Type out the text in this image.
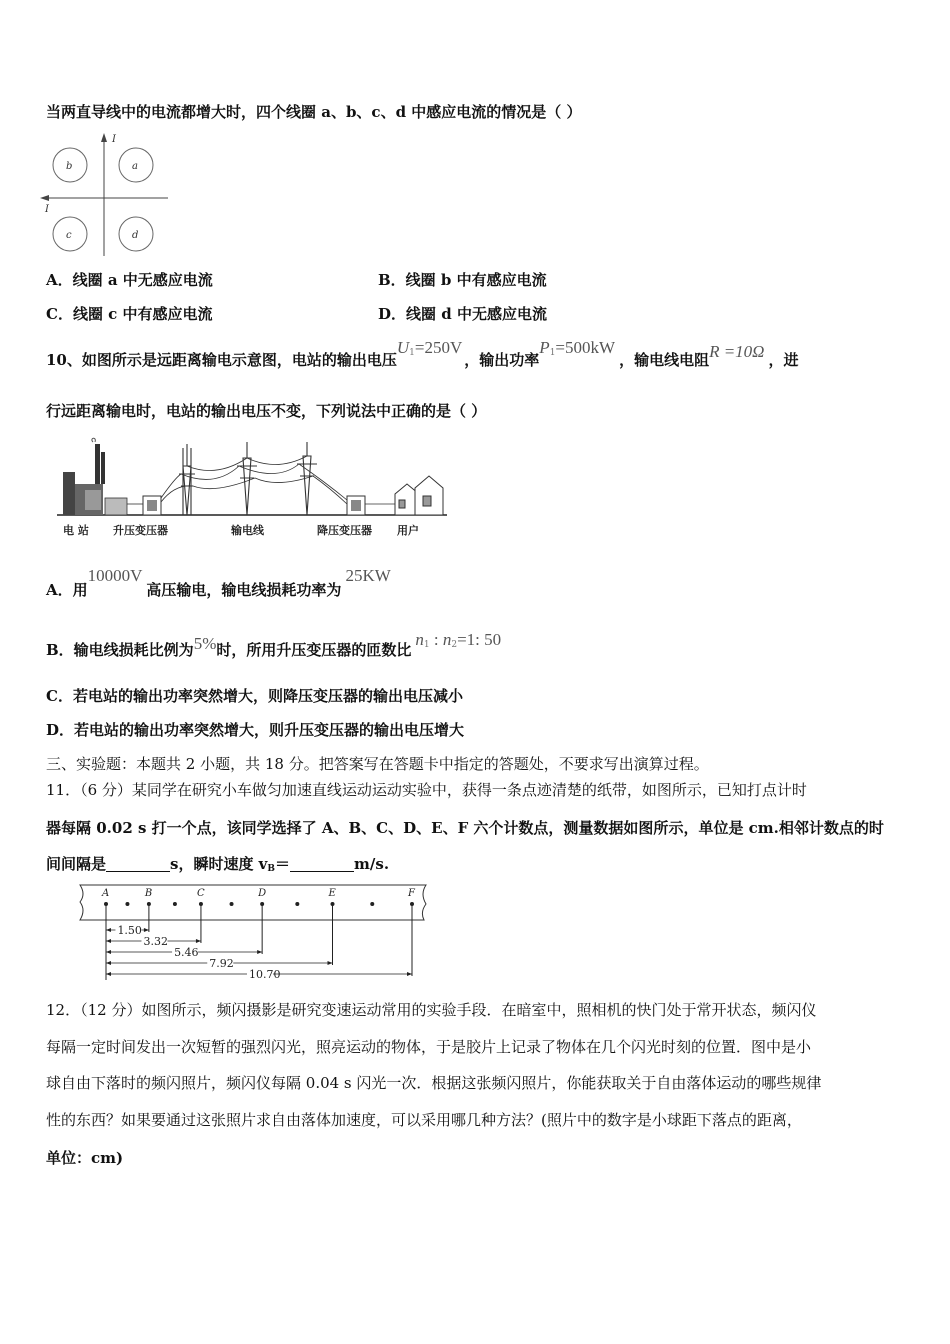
当两直导线中的电流都增大时，四个线圈 a、b、c、d 中感应电流的情况是（ ）
I
I
b	a
c	d
A．线圈 a 中无感应电流	B．线圈 b 中有感应电流
C．线圈 c 中有感应电流	D．线圈 d 中无感应电流
10、如图所示是远距离输电示意图，电站的输出电压$U_1=250V$，输出功率$P_1=500kW$，输电线电阻R =10Ω ，进
行远距离输电时，电站的输出电压不变，下列说法中正确的是（ ）
电 站 升压变压器	输电线	降压变压器 用户
A．用10000V高压输电，输电线损耗功率为25KW
B．输电线损耗比例为5%时，所用升压变压器的匝数比$n_1$ : $n_2=1$: 50
C．若电站的输出功率突然增大，则降压变压器的输出电压减小
D．若电站的输出功率突然增大，则升压变压器的输出电压增大
三、实验题：本题共 2 小题，共 18 分。把答案写在答题卡中指定的答题处，不要求写出演算过程。
11．（6 分）某同学在研究小车做匀加速直线运动运动实验中，获得一条点迹清楚的纸带，如图所示，已知打点计时
器每隔 0.02 s 打一个点，该同学选择了 A、B、C、D、E、F 六个计数点，测量数据如图所示，单位是 cm.相邻计数点的时
间间隔是	s，瞬时速度 vB＝	m/s.
A	B	C	D	E	F
1.50
3.32
5.46
7.92
10.70
12．（12 分）如图所示，频闪摄影是研究变速运动常用的实验手段．在暗室中，照相机的快门处于常开状态，频闪仪
每隔一定时间发出一次短暂的强烈闪光，照亮运动的物体，于是胶片上记录了物体在几个闪光时刻的位置．图中是小
球自由下落时的频闪照片，频闪仪每隔 0.04 s 闪光一次．根据这张频闪照片，你能获取关于自由落体运动的哪些规律
性的东西？如果要通过这张照片求自由落体加速度，可以采用哪几种方法？(照片中的数字是小球距下落点的距离，
单位：cm)
